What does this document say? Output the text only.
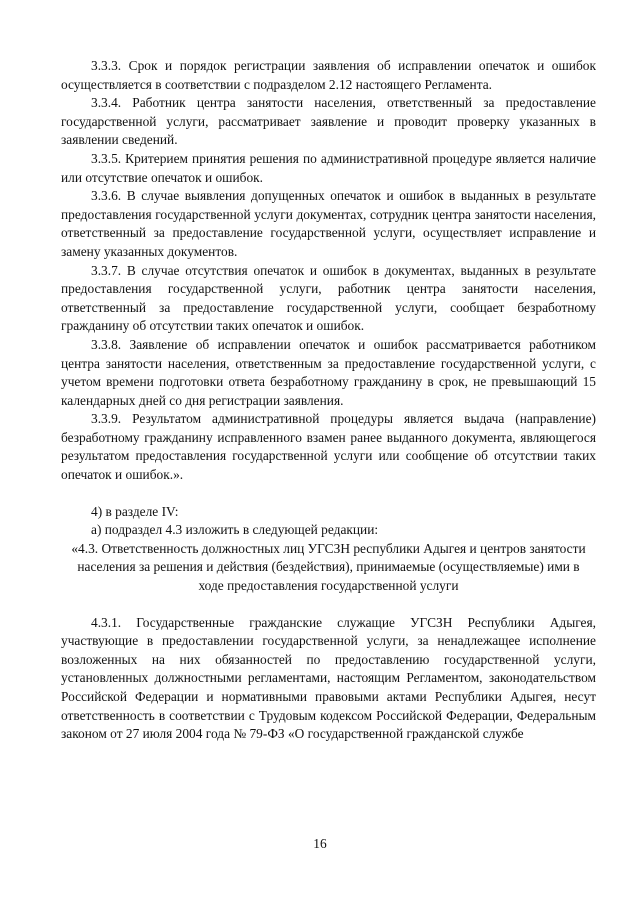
3.3.3. Срок и порядок регистрации заявления об исправлении опечаток и ошибок осуществляется в соответствии с подразделом 2.12 настоящего Регламента.

3.3.4. Работник центра занятости населения, ответственный за предоставление государственной услуги, рассматривает заявление и проводит проверку указанных в заявлении сведений.

3.3.5. Критерием принятия решения по административной процедуре является наличие или отсутствие опечаток и ошибок.

3.3.6. В случае выявления допущенных опечаток и ошибок в выданных в результате предоставления государственной услуги документах, сотрудник центра занятости населения, ответственный за предоставление государственной услуги, осуществляет исправление и замену указанных документов.

3.3.7. В случае отсутствия опечаток и ошибок в документах, выданных в результате предоставления государственной услуги, работник центра занятости населения, ответственный за предоставление государственной услуги, сообщает безработному гражданину об отсутствии таких опечаток и ошибок.

3.3.8. Заявление об исправлении опечаток и ошибок рассматривается работником центра занятости населения, ответственным за предоставление государственной услуги, с учетом времени подготовки ответа безработному гражданину в срок, не превышающий 15 календарных дней со дня регистрации заявления.

3.3.9. Результатом административной процедуры является выдача (направление) безработному гражданину исправленного взамен ранее выданного документа, являющегося результатом предоставления государственной услуги или сообщение об отсутствии таких опечаток и ошибок.».

4) в разделе IV:

а) подраздел 4.3 изложить в следующей редакции:

«4.3. Ответственность должностных лиц УГСЗН республики Адыгея и центров занятости населения за решения и действия (бездействия), принимаемые (осуществляемые) ими в ходе предоставления государственной услуги

4.3.1. Государственные гражданские служащие УГСЗН Республики Адыгея, участвующие в предоставлении государственной услуги, за ненадлежащее исполнение возложенных на них обязанностей по предоставлению государственной услуги, установленных должностными регламентами, настоящим Регламентом, законодательством Российской Федерации и нормативными правовыми актами Республики Адыгея, несут ответственность в соответствии с Трудовым кодексом Российской Федерации, Федеральным законом от 27 июля 2004 года № 79-ФЗ «О государственной гражданской службе

16
